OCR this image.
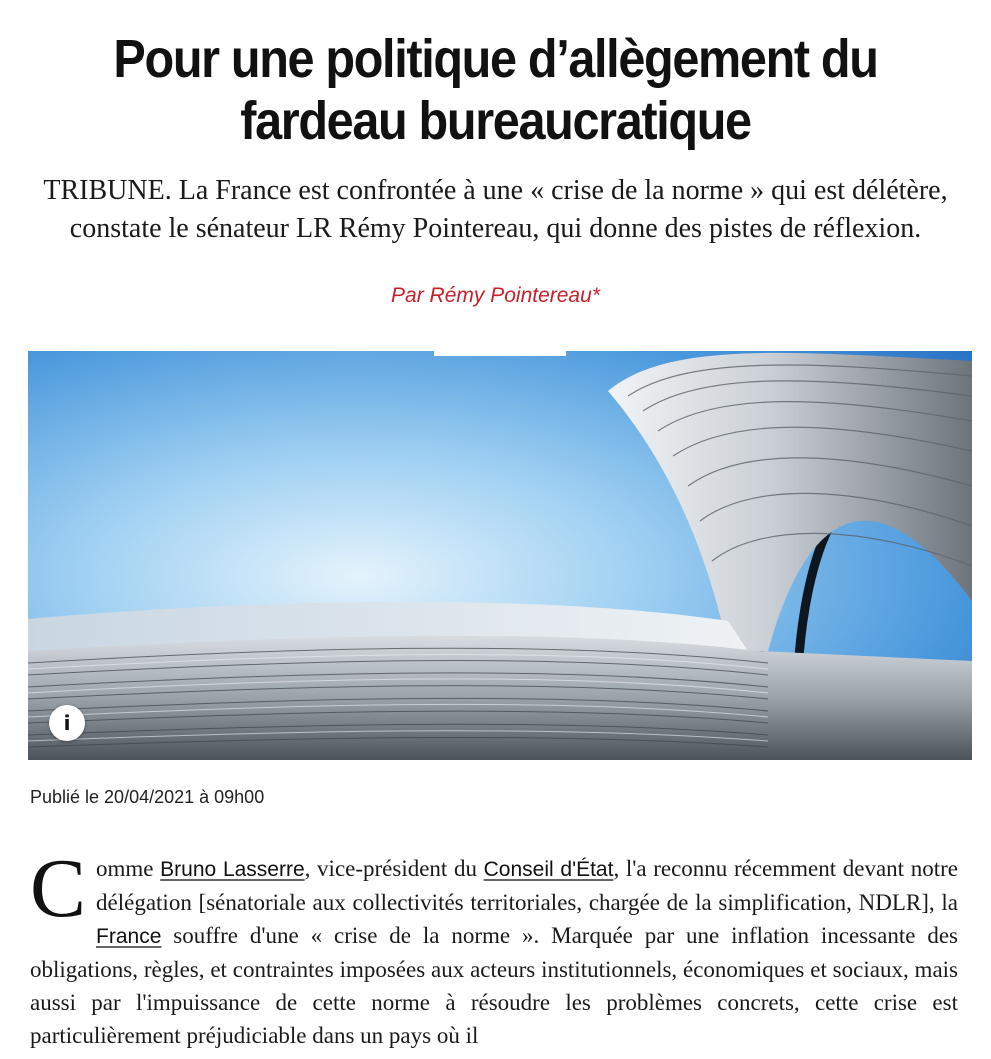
Pour une politique d’allègement du fardeau bureaucratique

TRIBUNE. La France est confrontée à une « crise de la norme » qui est délétère, constate le sénateur LR Rémy Pointereau, qui donne des pistes de réflexion.

Par Rémy Pointereau*
i
Publié le 20/04/2021 à 09h00

Comme Bruno Lasserre, vice-président du Conseil d'État, l'a reconnu récemment devant notre délégation [sénatoriale aux collectivités territoriales, chargée de la simplification, NDLR], la France souffre d'une « crise de la norme ». Marquée par une inflation incessante des obligations, règles, et contraintes imposées aux acteurs institutionnels, économiques et sociaux, mais aussi par l'impuissance de cette norme à résoudre les problèmes concrets, cette crise est particulièrement préjudiciable dans un pays où il
